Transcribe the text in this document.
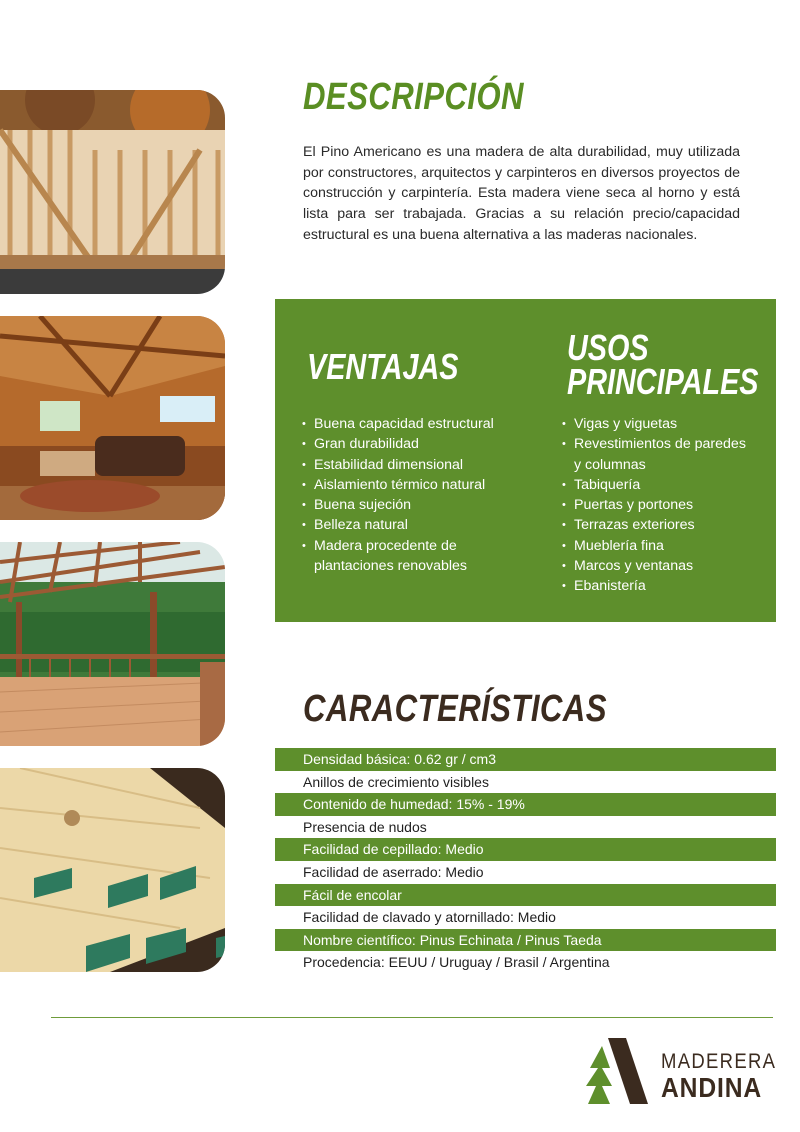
DESCRIPCIÓN

El Pino Americano es una madera de alta durabilidad, muy utilizada por constructores, arquitectos y carpinteros en diversos proyectos de construcción y carpintería. Esta madera viene seca al horno y está lista para ser trabajada. Gracias a su relación precio/capacidad estructural es una buena alternativa a las maderas nacionales.

VENTAJAS	USOS
PRINCIPALES
• Buena capacidad estructural
• Gran durabilidad
• Estabilidad dimensional
• Aislamiento térmico natural
• Buena sujeción
• Belleza natural
• Madera procedente de plantaciones renovables
• Vigas y viguetas
• Revestimientos de paredes y columnas
• Tabiquería
• Puertas y portones
• Terrazas exteriores
• Mueblería fina
• Marcos y ventanas
• Ebanistería
CARACTERÍSTICAS
Densidad básica: 0.62 gr / cm3
Anillos de crecimiento visibles
Contenido de humedad: 15% - 19%
Presencia de nudos
Facilidad de cepillado: Medio
Facilidad de aserrado: Medio
Fácil de encolar
Facilidad de clavado y atornillado: Medio
Nombre científico: Pinus Echinata / Pinus Taeda
Procedencia: EEUU / Uruguay / Brasil / Argentina
MADERERA
ANDINA
